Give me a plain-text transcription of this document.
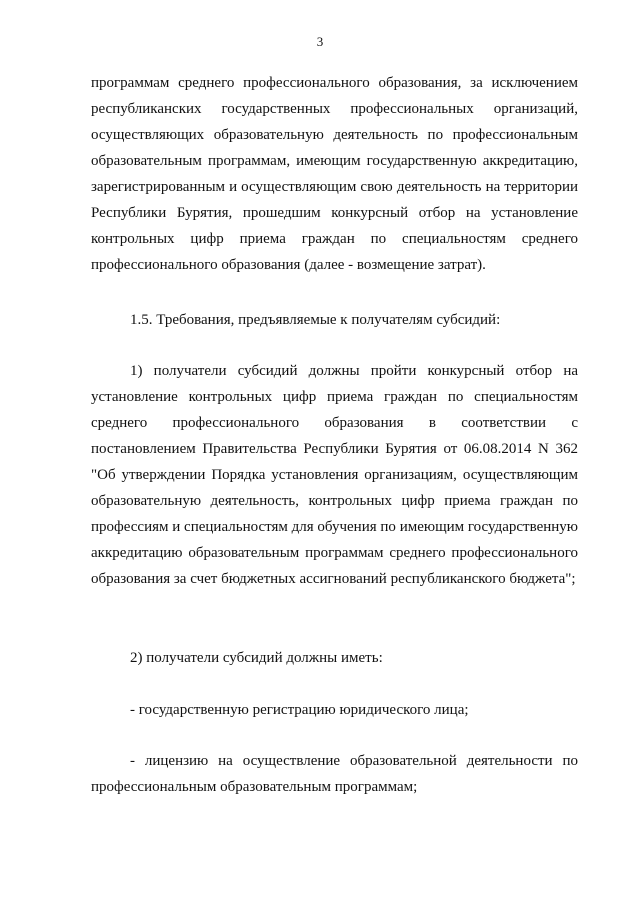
3

программам среднего профессионального образования, за исключением республиканских государственных профессиональных организаций, осуществляющих образовательную деятельность по профессиональным образовательным программам, имеющим государственную аккредитацию, зарегистрированным и осуществляющим свою деятельность на территории Республики Бурятия, прошедшим конкурсный отбор на установление контрольных цифр приема граждан по специальностям среднего профессионального образования (далее - возмещение затрат).

1.5. Требования, предъявляемые к получателям субсидий:

1) получатели субсидий должны пройти конкурсный отбор на установление контрольных цифр приема граждан по специальностям среднего профессионального образования в соответствии с постановлением Правительства Республики Бурятия от 06.08.2014 N 362 "Об утверждении Порядка установления организациям, осуществляющим образовательную деятельность, контрольных цифр приема граждан по профессиям и специальностям для обучения по имеющим государственную аккредитацию образовательным программам среднего профессионального образования за счет бюджетных ассигнований республиканского бюджета";

2) получатели субсидий должны иметь:

- государственную регистрацию юридического лица;

- лицензию на осуществление образовательной деятельности по профессиональным образовательным программам;
